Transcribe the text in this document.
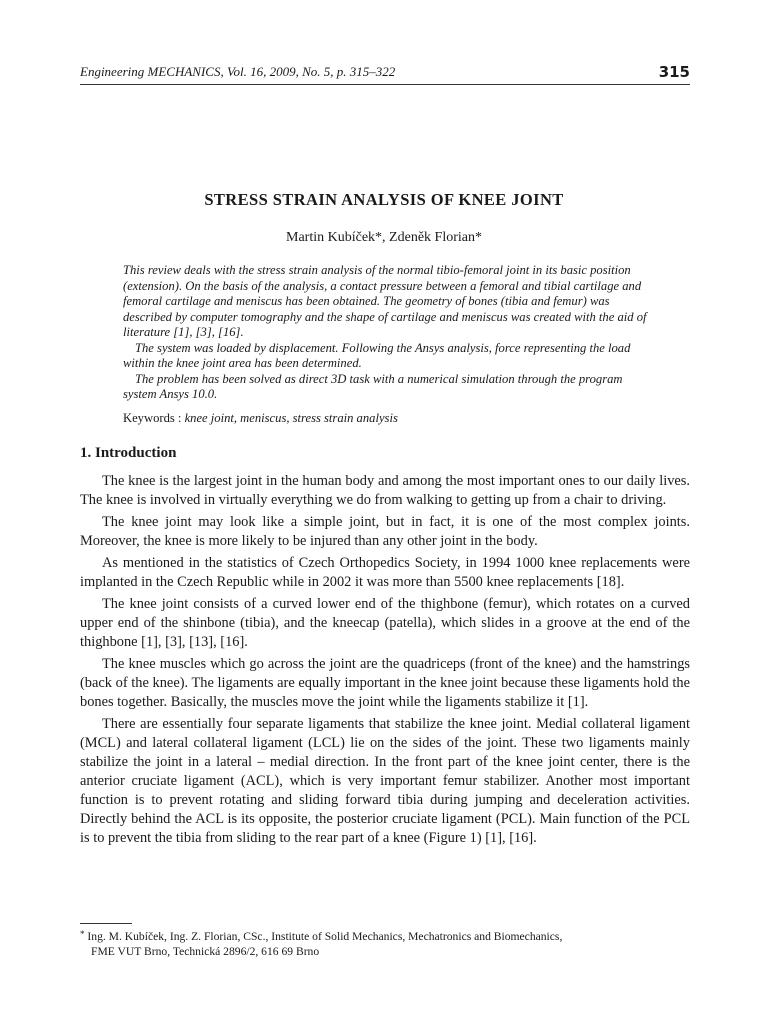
Engineering MECHANICS, Vol. 16, 2009, No. 5, p. 315–322	315
STRESS STRAIN ANALYSIS OF KNEE JOINT
Martin Kubíček*, Zdeněk Florian*

This review deals with the stress strain analysis of the normal tibio-femoral joint in its basic position (extension). On the basis of the analysis, a contact pressure between a femoral and tibial cartilage and femoral cartilage and meniscus has been obtained. The geometry of bones (tibia and femur) was described by computer tomography and the shape of cartilage and meniscus was created with the aid of literature [1], [3], [16].

The system was loaded by displacement. Following the Ansys analysis, force representing the load within the knee joint area has been determined.

The problem has been solved as direct 3D task with a numerical simulation through the program system Ansys 10.0.

Keywords : knee joint, meniscus, stress strain analysis
1. Introduction

The knee is the largest joint in the human body and among the most important ones to our daily lives. The knee is involved in virtually everything we do from walking to getting up from a chair to driving.

The knee joint may look like a simple joint, but in fact, it is one of the most complex joints. Moreover, the knee is more likely to be injured than any other joint in the body.

As mentioned in the statistics of Czech Orthopedics Society, in 1994 1000 knee replacements were implanted in the Czech Republic while in 2002 it was more than 5500 knee replacements [18].

The knee joint consists of a curved lower end of the thighbone (femur), which rotates on a curved upper end of the shinbone (tibia), and the kneecap (patella), which slides in a groove at the end of the thighbone [1], [3], [13], [16].

The knee muscles which go across the joint are the quadriceps (front of the knee) and the hamstrings (back of the knee). The ligaments are equally important in the knee joint because these ligaments hold the bones together. Basically, the muscles move the joint while the ligaments stabilize it [1].

There are essentially four separate ligaments that stabilize the knee joint. Medial collateral ligament (MCL) and lateral collateral ligament (LCL) lie on the sides of the joint. These two ligaments mainly stabilize the joint in a lateral – medial direction. In the front part of the knee joint center, there is the anterior cruciate ligament (ACL), which is very important femur stabilizer. Another most important function is to prevent rotating and sliding forward tibia during jumping and deceleration activities. Directly behind the ACL is its opposite, the posterior cruciate ligament (PCL). Main function of the PCL is to prevent the tibia from sliding to the rear part of a knee (Figure 1) [1], [16].

* Ing. M. Kubíček, Ing. Z. Florian, CSc., Institute of Solid Mechanics, Mechatronics and Biomechanics,
FME VUT Brno, Technická 2896/2, 616 69 Brno
